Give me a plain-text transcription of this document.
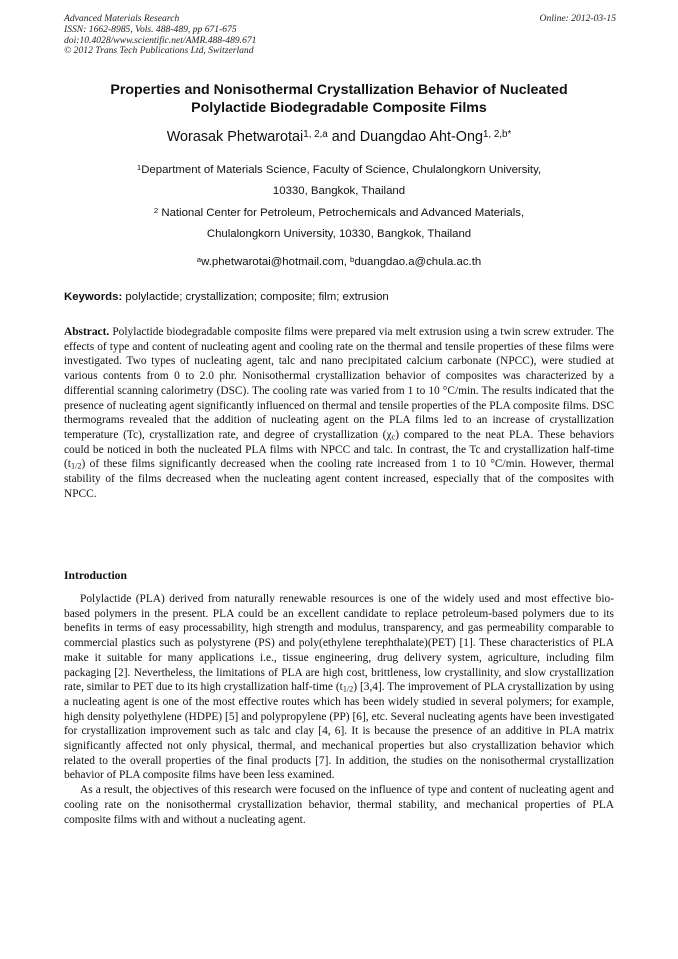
Advanced Materials Research
ISSN: 1662-8985, Vols. 488-489, pp 671-675
doi:10.4028/www.scientific.net/AMR.488-489.671
© 2012 Trans Tech Publications Ltd, Switzerland
Online: 2012-03-15
Properties and Nonisothermal Crystallization Behavior of Nucleated
Polylactide Biodegradable Composite Films
Worasak Phetwarotai$^{1, 2,a}$ and Duangdao Aht-Ong$^{1, 2,b*}$
$^1$Department of Materials Science, Faculty of Science, Chulalongkorn University,
10330, Bangkok, Thailand
$^2$ National Center for Petroleum, Petrochemicals and Advanced Materials,
Chulalongkorn University, 10330, Bangkok, Thailand
$^a$w.phetwarotai@hotmail.com, $^b$duangdao.a@chula.ac.th
Keywords: polylactide; crystallization; composite; film; extrusion
Abstract. Polylactide biodegradable composite films were prepared via melt extrusion using a twin screw extruder. The effects of type and content of nucleating agent and cooling rate on the thermal and tensile properties of these films were investigated. Two types of nucleating agent, talc and nano precipitated calcium carbonate (NPCC), were studied at various contents from 0 to 2.0 phr. Nonisothermal crystallization behavior of composites was characterized by a differential scanning calorimetry (DSC). The cooling rate was varied from 1 to 10 °C/min. The results indicated that the presence of nucleating agent significantly influenced on thermal and tensile properties of the PLA composite films. DSC thermograms revealed that the addition of nucleating agent on the PLA films led to an increase of crystallization temperature (Tc), crystallization rate, and degree of crystallization $(\chi_c)$ compared to the neat PLA. These behaviors could be noticed in both the nucleated PLA films with NPCC and talc. In contrast, the Tc and crystallization half-time $(t_{1/2})$ of these films significantly decreased when the cooling rate increased from 1 to 10 °C/min. However, thermal stability of the films decreased when the nucleating agent content increased, especially that of the composites with NPCC.
Introduction

Polylactide (PLA) derived from naturally renewable resources is one of the widely used and most effective bio-based polymers in the present. PLA could be an excellent candidate to replace petroleum-based polymers due to its benefits in terms of easy processability, high strength and modulus, transparency, and gas permeability comparable to commercial plastics such as polystyrene (PS) and poly(ethylene terephthalate)(PET) [1]. These characteristics of PLA make it suitable for many applications i.e., tissue engineering, drug delivery system, agriculture, including film packaging [2]. Nevertheless, the limitations of PLA are high cost, brittleness, low crystallinity, and slow crystallization rate, similar to PET due to its high crystallization half-time $(t_{1/2})$ [3,4]. The improvement of PLA crystallization by using a nucleating agent is one of the most effective routes which has been widely studied in several polymers; for example, high density polyethylene (HDPE) [5] and polypropylene (PP) [6], etc. Several nucleating agents have been investigated for crystallization improvement such as talc and clay [4, 6]. It is because the presence of an additive in PLA matrix significantly affected not only physical, thermal, and mechanical properties but also crystallization behavior which related to the overall properties of the final products [7]. In addition, the studies on the nonisothermal crystallization behavior of PLA composite films have been less examined.

As a result, the objectives of this research were focused on the influence of type and content of nucleating agent and cooling rate on the nonisothermal crystallization behavior, thermal stability, and mechanical properties of PLA composite films with and without a nucleating agent.
